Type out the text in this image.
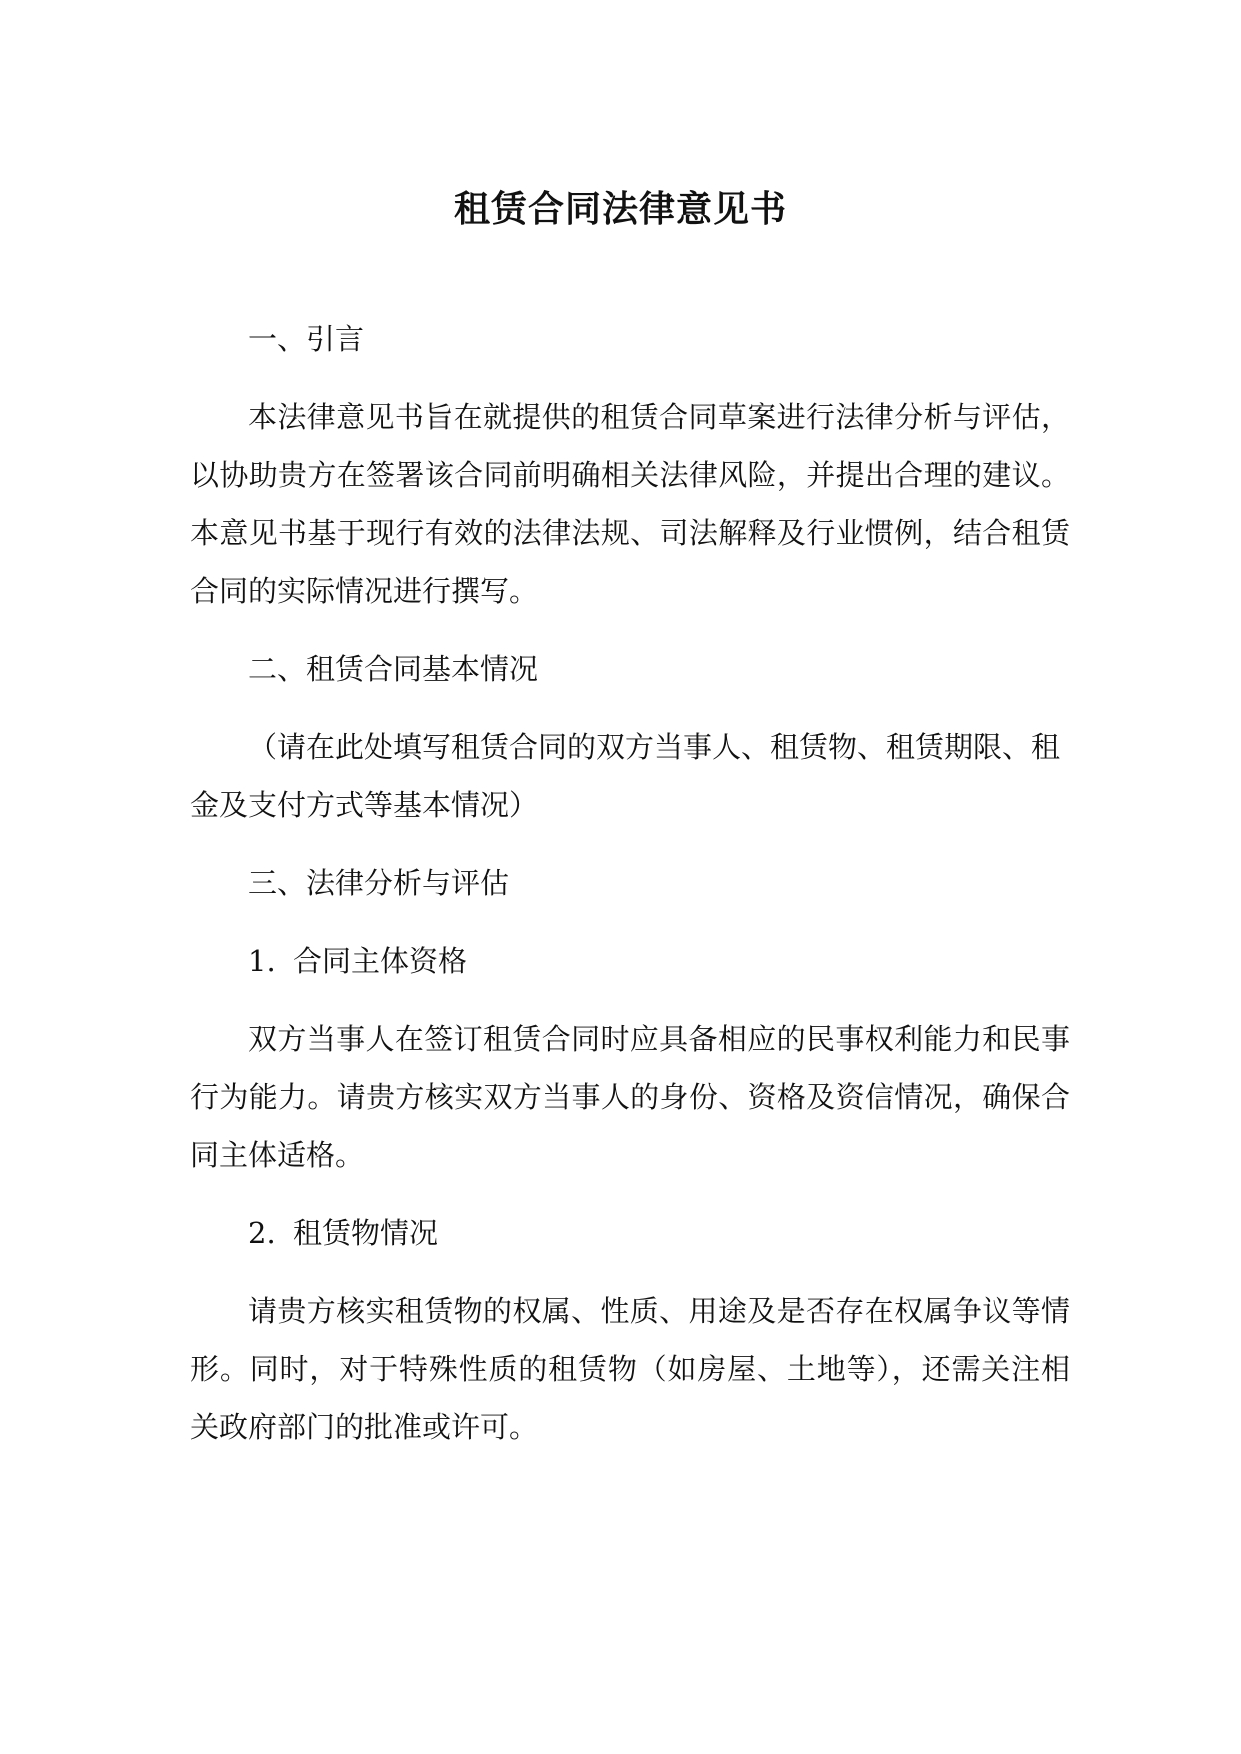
租赁合同法律意见书

一、引言

本法律意见书旨在就提供的租赁合同草案进行法律分析与评估，以协助贵方在签署该合同前明确相关法律风险，并提出合理的建议。本意见书基于现行有效的法律法规、司法解释及行业惯例，结合租赁合同的实际情况进行撰写。

二、租赁合同基本情况

（请在此处填写租赁合同的双方当事人、租赁物、租赁期限、租金及支付方式等基本情况）

三、法律分析与评估

1. 合同主体资格

双方当事人在签订租赁合同时应具备相应的民事权利能力和民事行为能力。请贵方核实双方当事人的身份、资格及资信情况，确保合同主体适格。

2. 租赁物情况

请贵方核实租赁物的权属、性质、用途及是否存在权属争议等情形。同时，对于特殊性质的租赁物（如房屋、土地等），还需关注相关政府部门的批准或许可。
